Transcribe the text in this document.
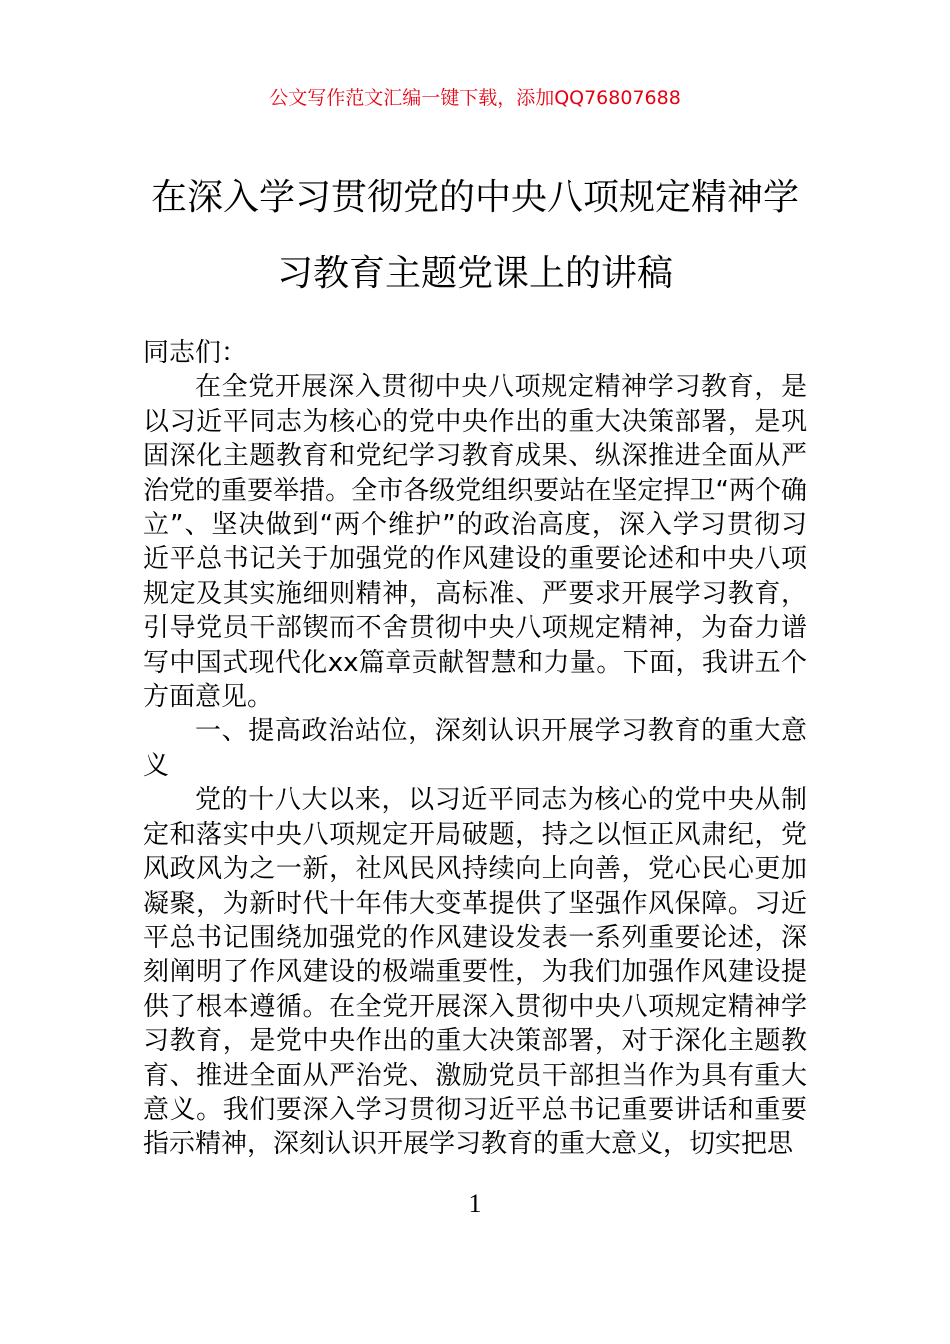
公文写作范文汇编一键下载，添加QQ76807688
在深入学习贯彻党的中央八项规定精神学
习教育主题党课上的讲稿

同志们：

在全党开展深入贯彻中央八项规定精神学习教育，是以习近平同志为核心的党中央作出的重大决策部署，是巩固深化主题教育和党纪学习教育成果、纵深推进全面从严治党的重要举措。全市各级党组织要站在坚定捍卫“两个确立”、坚决做到“两个维护”的政治高度，深入学习贯彻习近平总书记关于加强党的作风建设的重要论述和中央八项规定及其实施细则精神，高标准、严要求开展学习教育，引导党员干部锲而不舍贯彻中央八项规定精神，为奋力谱写中国式现代化xx篇章贡献智慧和力量。下面，我讲五个方面意见。

一、提高政治站位，深刻认识开展学习教育的重大意义

党的十八大以来，以习近平同志为核心的党中央从制定和落实中央八项规定开局破题，持之以恒正风肃纪，党风政风为之一新，社风民风持续向上向善，党心民心更加凝聚，为新时代十年伟大变革提供了坚强作风保障。习近平总书记围绕加强党的作风建设发表一系列重要论述，深刻阐明了作风建设的极端重要性，为我们加强作风建设提供了根本遵循。在全党开展深入贯彻中央八项规定精神学习教育，是党中央作出的重大决策部署，对于深化主题教育、推进全面从严治党、激励党员干部担当作为具有重大意义。我们要深入学习贯彻习近平总书记重要讲话和重要指示精神，深刻认识开展学习教育的重大意义，切实把思

1
